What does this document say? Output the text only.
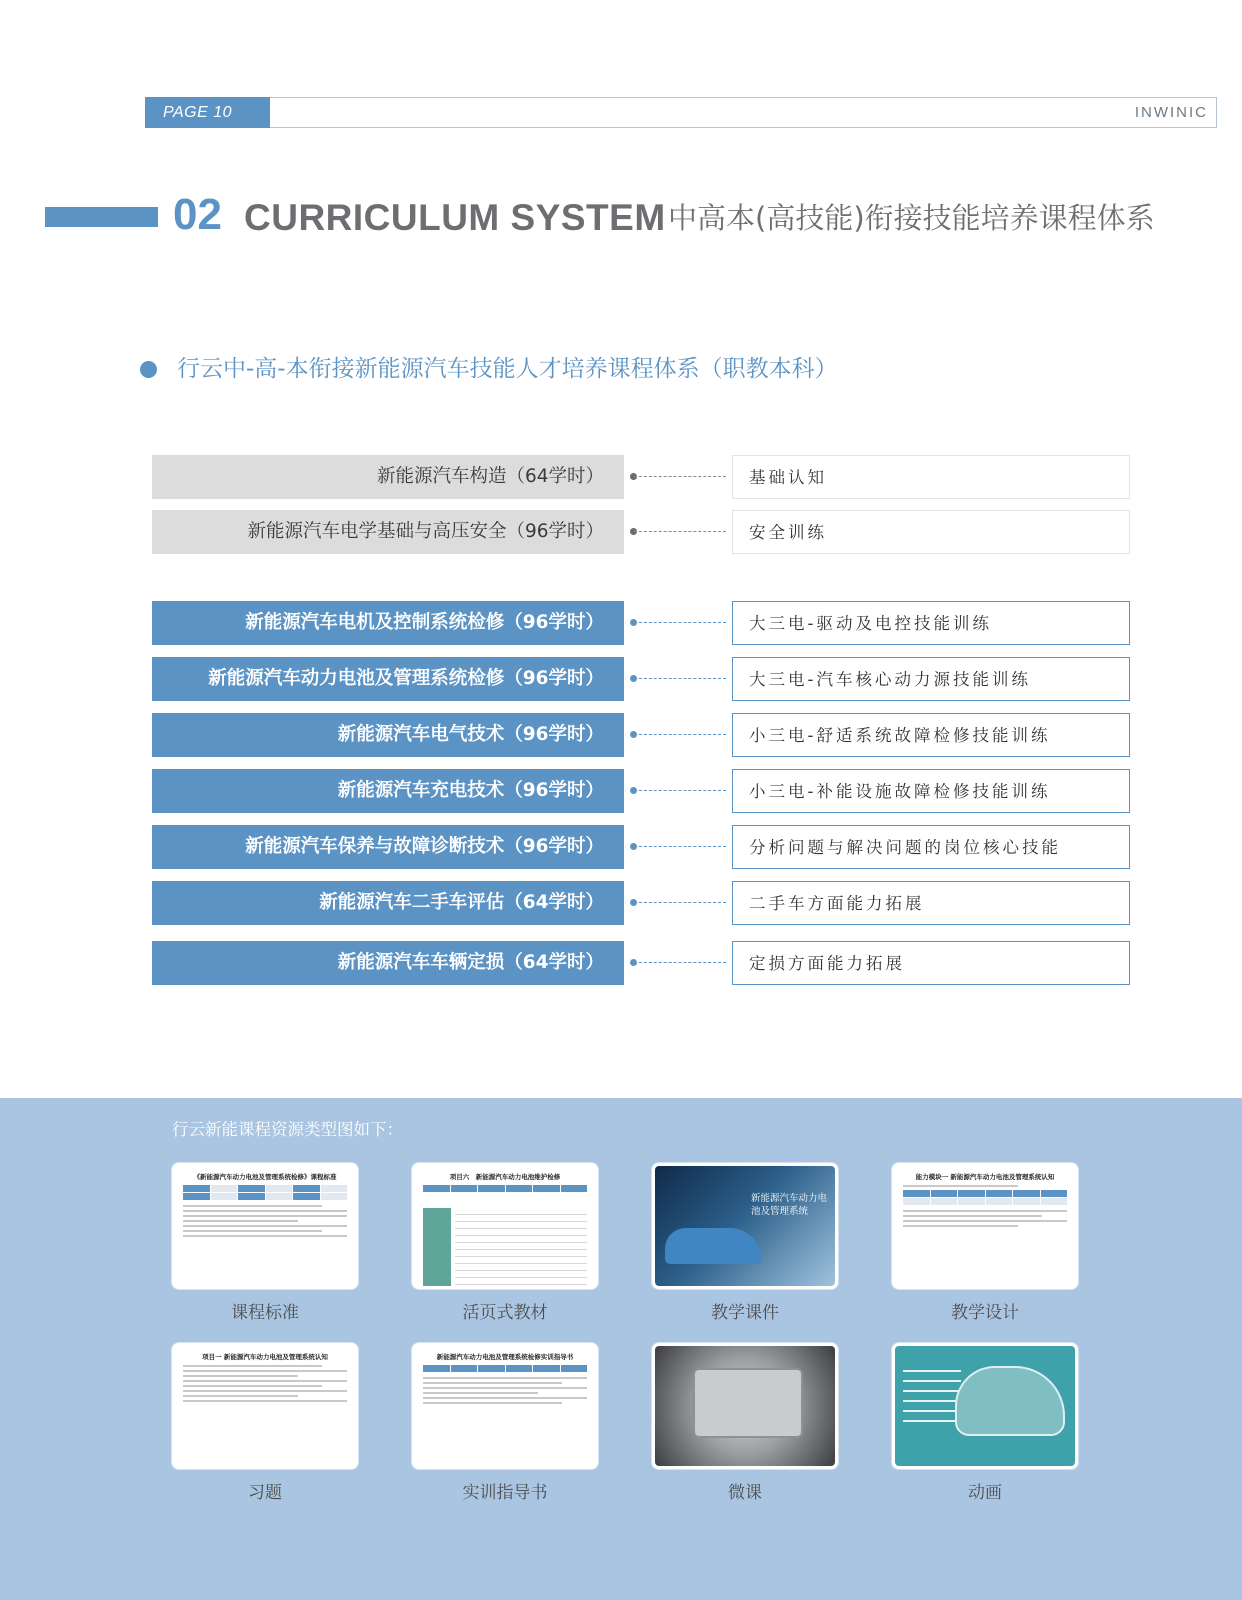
PAGE 10	INWINIC
02 CURRICULUM SYSTEM 中高本(高技能)衔接技能培养课程体系
行云中-高-本衔接新能源汽车技能人才培养课程体系（职教本科）
新能源汽车构造（64学时）	基础认知
新能源汽车电学基础与高压安全（96学时）	安全训练
新能源汽车电机及控制系统检修（96学时）	大三电-驱动及电控技能训练
新能源汽车动力电池及管理系统检修（96学时）	大三电-汽车核心动力源技能训练
新能源汽车电气技术（96学时）	小三电-舒适系统故障检修技能训练
新能源汽车充电技术（96学时）	小三电-补能设施故障检修技能训练
新能源汽车保养与故障诊断技术（96学时）	分析问题与解决问题的岗位核心技能
新能源汽车二手车评估（64学时）	二手车方面能力拓展
新能源汽车车辆定损（64学时）	定损方面能力拓展
行云新能课程资源类型图如下：
《新能源汽车动力电池及管理系统检修》课程标准
课程标准
项目六　新能源汽车动力电池维护检修
活页式教材
新能源汽车动力电池及管理系统
教学课件
能力模块一 新能源汽车动力电池及管理系统认知
教学设计
项目一 新能源汽车动力电池及管理系统认知
习题
新能源汽车动力电池及管理系统检修实训指导书
实训指导书	微课	动画
